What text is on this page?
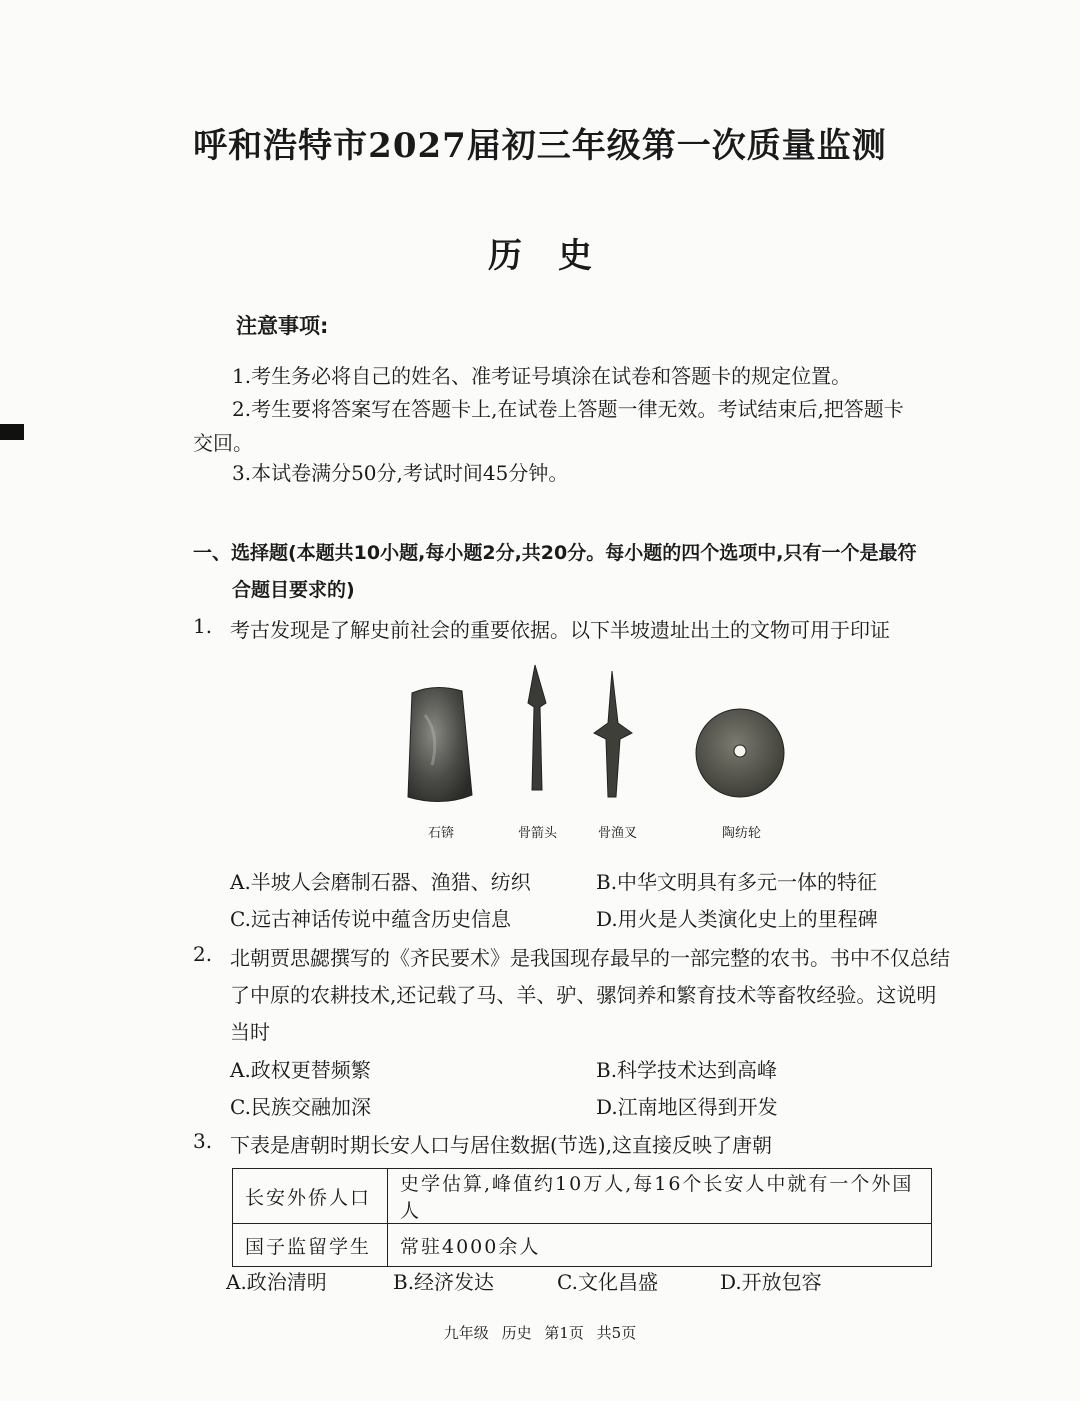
呼和浩特市2027届初三年级第一次质量监测
历史
注意事项:
1.考生务必将自己的姓名、准考证号填涂在试卷和答题卡的规定位置。
2.考生要将答案写在答题卡上,在试卷上答题一律无效。考试结束后,把答题卡
交回。
3.本试卷满分50分,考试时间45分钟。
一、选择题(本题共10小题,每小题2分,共20分。每小题的四个选项中,只有一个是最符
合题目要求的)
1. 考古发现是了解史前社会的重要依据。以下半坡遗址出土的文物可用于印证
石锛	骨箭头	骨渔叉	陶纺轮
A.半坡人会磨制石器、渔猎、纺织	B.中华文明具有多元一体的特征
C.远古神话传说中蕴含历史信息	D.用火是人类演化史上的里程碑
2. 北朝贾思勰撰写的《齐民要术》是我国现存最早的一部完整的农书。书中不仅总结
了中原的农耕技术,还记载了马、羊、驴、骡饲养和繁育技术等畜牧经验。这说明
当时
A.政权更替频繁	B.科学技术达到高峰
C.民族交融加深	D.江南地区得到开发
3. 下表是唐朝时期长安人口与居住数据(节选),这直接反映了唐朝
长安外侨人口	史学估算,峰值约10万人,每16个长安人中就有一个外国人
国子监留学生	常驻4000余人
A.政治清明	B.经济发达	C.文化昌盛	D.开放包容
九年级 历史 第1页 共5页
